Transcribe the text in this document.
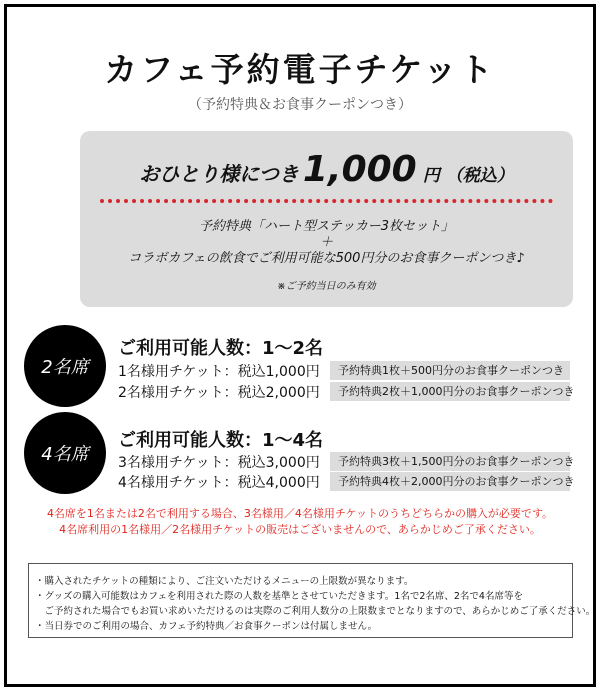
カフェ予約電子チケット
（予約特典＆お食事クーポンつき）
おひとり様につき 1,000 円 （税込）
予約特典「ハート型ステッカー3枚セット」
＋
コラボカフェの飲食でご利用可能な500円分のお食事クーポンつき♪
※ご予約当日のみ有効
2名席
ご利用可能人数：1〜2名
1名様用チケット：税込1,000円	予約特典1枚＋500円分のお食事クーポンつき
2名様用チケット：税込2,000円	予約特典2枚＋1,000円分のお食事クーポンつき
4名席
ご利用可能人数：1〜4名
3名様用チケット：税込3,000円	予約特典3枚＋1,500円分のお食事クーポンつき
4名様用チケット：税込4,000円	予約特典4枚＋2,000円分のお食事クーポンつき
4名席を1名または2名で利用する場合、3名様用／4名様用チケットのうちどちらかの購入が必要です。
4名席利用の1名様用／2名様用チケットの販売はございませんので、あらかじめご了承ください。

・購入されたチケットの種類により、ご注文いただけるメニューの上限数が異なります。

・グッズの購入可能数はカフェを利用された際の人数を基準とさせていただきます。1名で2名席、2名で4名席等を

　ご予約された場合でもお買い求めいただけるのは実際のご利用人数分の上限数までとなりますので、あらかじめご了承ください。

・当日券でのご利用の場合、カフェ予約特典／お食事クーポンは付属しません。
